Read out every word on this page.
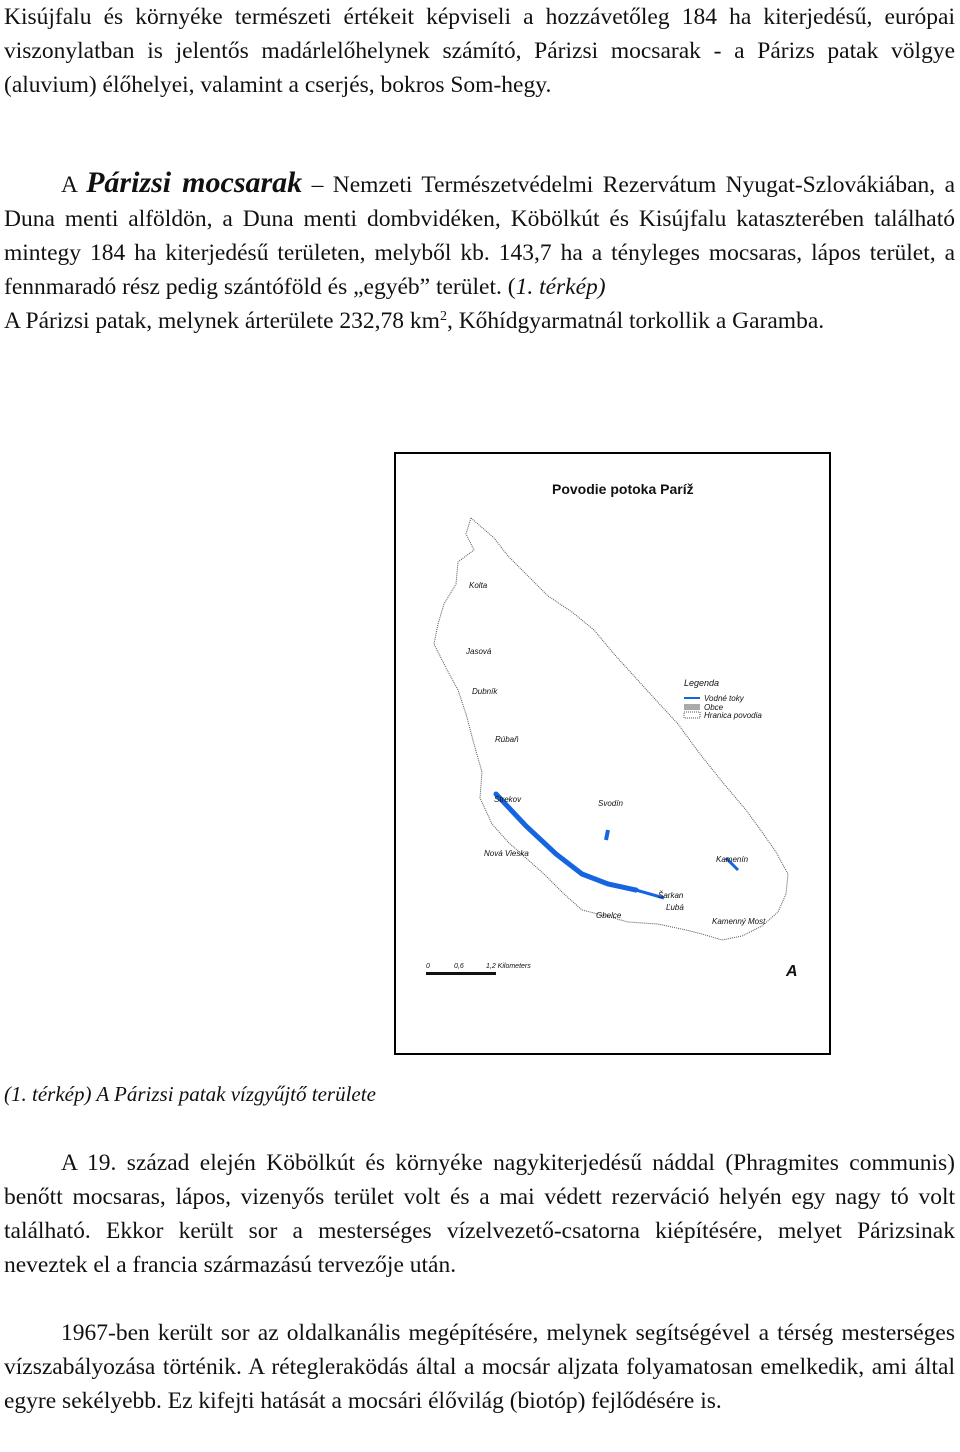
Kisújfalu és környéke természeti értékeit képviseli a hozzávetőleg 184 ha kiterjedésű, európai viszonylatban is jelentős madárlelőhelynek számító, Párizsi mocsarak - a Párizs patak völgye (aluvium) élőhelyei, valamint a cserjés, bokros Som-hegy.

A Párizsi mocsarak – Nemzeti Természetvédelmi Rezervátum Nyugat-Szlovákiában, a Duna menti alföldön, a Duna menti dombvidéken, Köbölkút és Kisújfalu kataszterében található mintegy 184 ha kiterjedésű területen, melyből kb. 143,7 ha a tényleges mocsaras, lápos terület, a fennmaradó rész pedig szántóföld és „egyéb” terület. (1. térkép)
A Párizsi patak, melynek árterülete 232,78 $km^2$, Kőhídgyarmatnál torkollik a Garamba.

Povodie potoka Paríž
Kolta
Jasová
Dubník
Rúbaň
Strekov	Svodín
Nová Vieska
Kamenín
Šarkan
Ľubá
Gbelce
Kamenný Most
Legenda
Vodné toky
Obce
Hranica povodia
0	0,6	1,2 Kilometers	A
(1. térkép) A Párizsi patak vízgyűjtő területe

A 19. század elején Köbölkút és környéke nagykiterjedésű náddal (Phragmites communis) benőtt mocsaras, lápos, vizenyős terület volt és a mai védett rezerváció helyén egy nagy tó volt található. Ekkor került sor a mesterséges vízelvezető-csatorna kiépítésére, melyet Párizsinak neveztek el a francia származású tervezője után.

1967-ben került sor az oldalkanális megépítésére, melynek segítségével a térség mesterséges vízszabályozása történik. A rétegleraködás által a mocsár aljzata folyamatosan emelkedik, ami által egyre sekélyebb. Ez kifejti hatását a mocsári élővilág (biotóp) fejlődésére is.
